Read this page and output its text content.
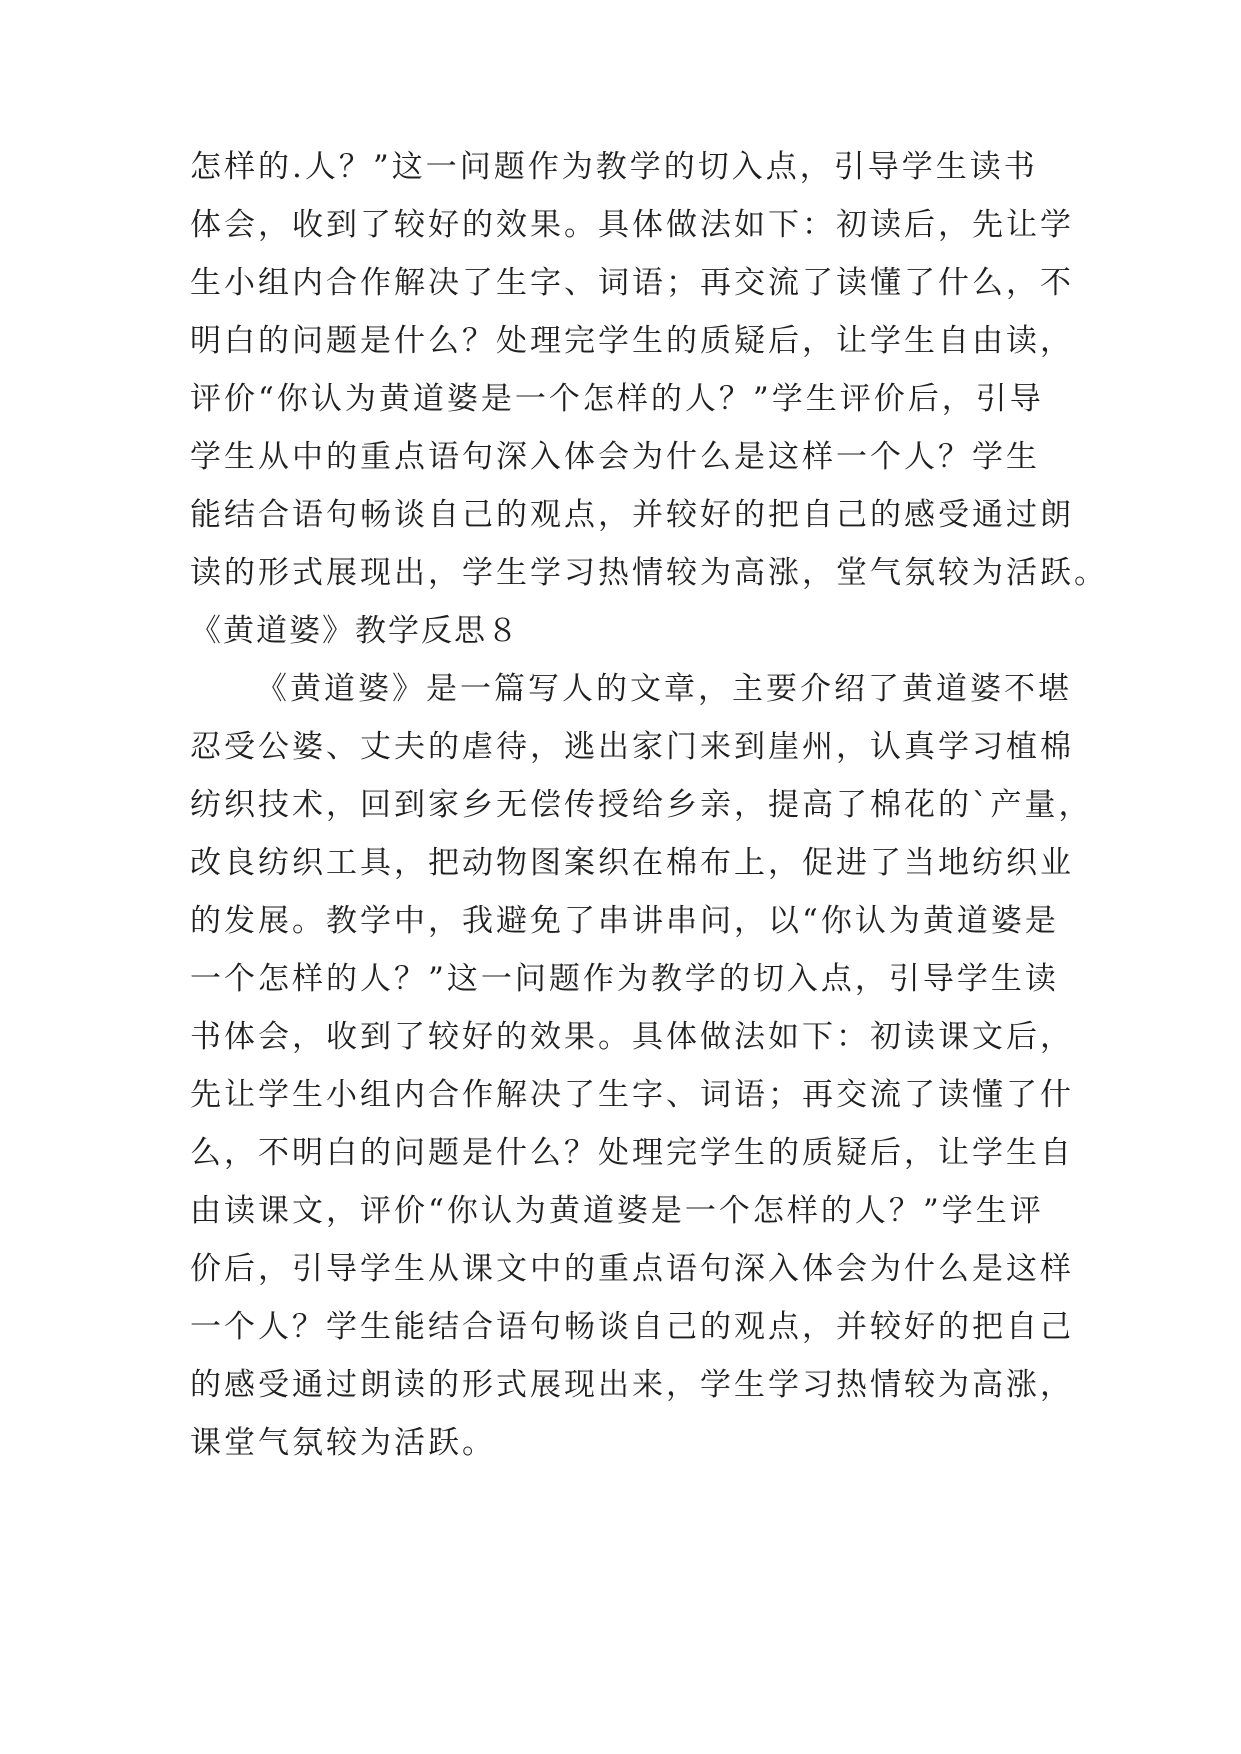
怎样的.人？”这一问题作为教学的切入点，引导学生读书
体会，收到了较好的效果。具体做法如下：初读后，先让学
生小组内合作解决了生字、词语；再交流了读懂了什么，不
明白的问题是什么？处理完学生的质疑后，让学生自由读，
评价“你认为黄道婆是一个怎样的人？”学生评价后，引导
学生从中的重点语句深入体会为什么是这样一个人？学生
能结合语句畅谈自己的观点，并较好的把自己的感受通过朗
读的形式展现出，学生学习热情较为高涨，堂气氛较为活跃。
《黄道婆》教学反思８
《黄道婆》是一篇写人的文章，主要介绍了黄道婆不堪
忍受公婆、丈夫的虐待，逃出家门来到崖州，认真学习植棉
纺织技术，回到家乡无偿传授给乡亲，提高了棉花的`产量，
改良纺织工具，把动物图案织在棉布上，促进了当地纺织业
的发展。教学中，我避免了串讲串问，以“你认为黄道婆是
一个怎样的人？”这一问题作为教学的切入点，引导学生读
书体会，收到了较好的效果。具体做法如下：初读课文后，
先让学生小组内合作解决了生字、词语；再交流了读懂了什
么，不明白的问题是什么？处理完学生的质疑后，让学生自
由读课文，评价“你认为黄道婆是一个怎样的人？”学生评
价后，引导学生从课文中的重点语句深入体会为什么是这样
一个人？学生能结合语句畅谈自己的观点，并较好的把自己
的感受通过朗读的形式展现出来，学生学习热情较为高涨，
课堂气氛较为活跃。
